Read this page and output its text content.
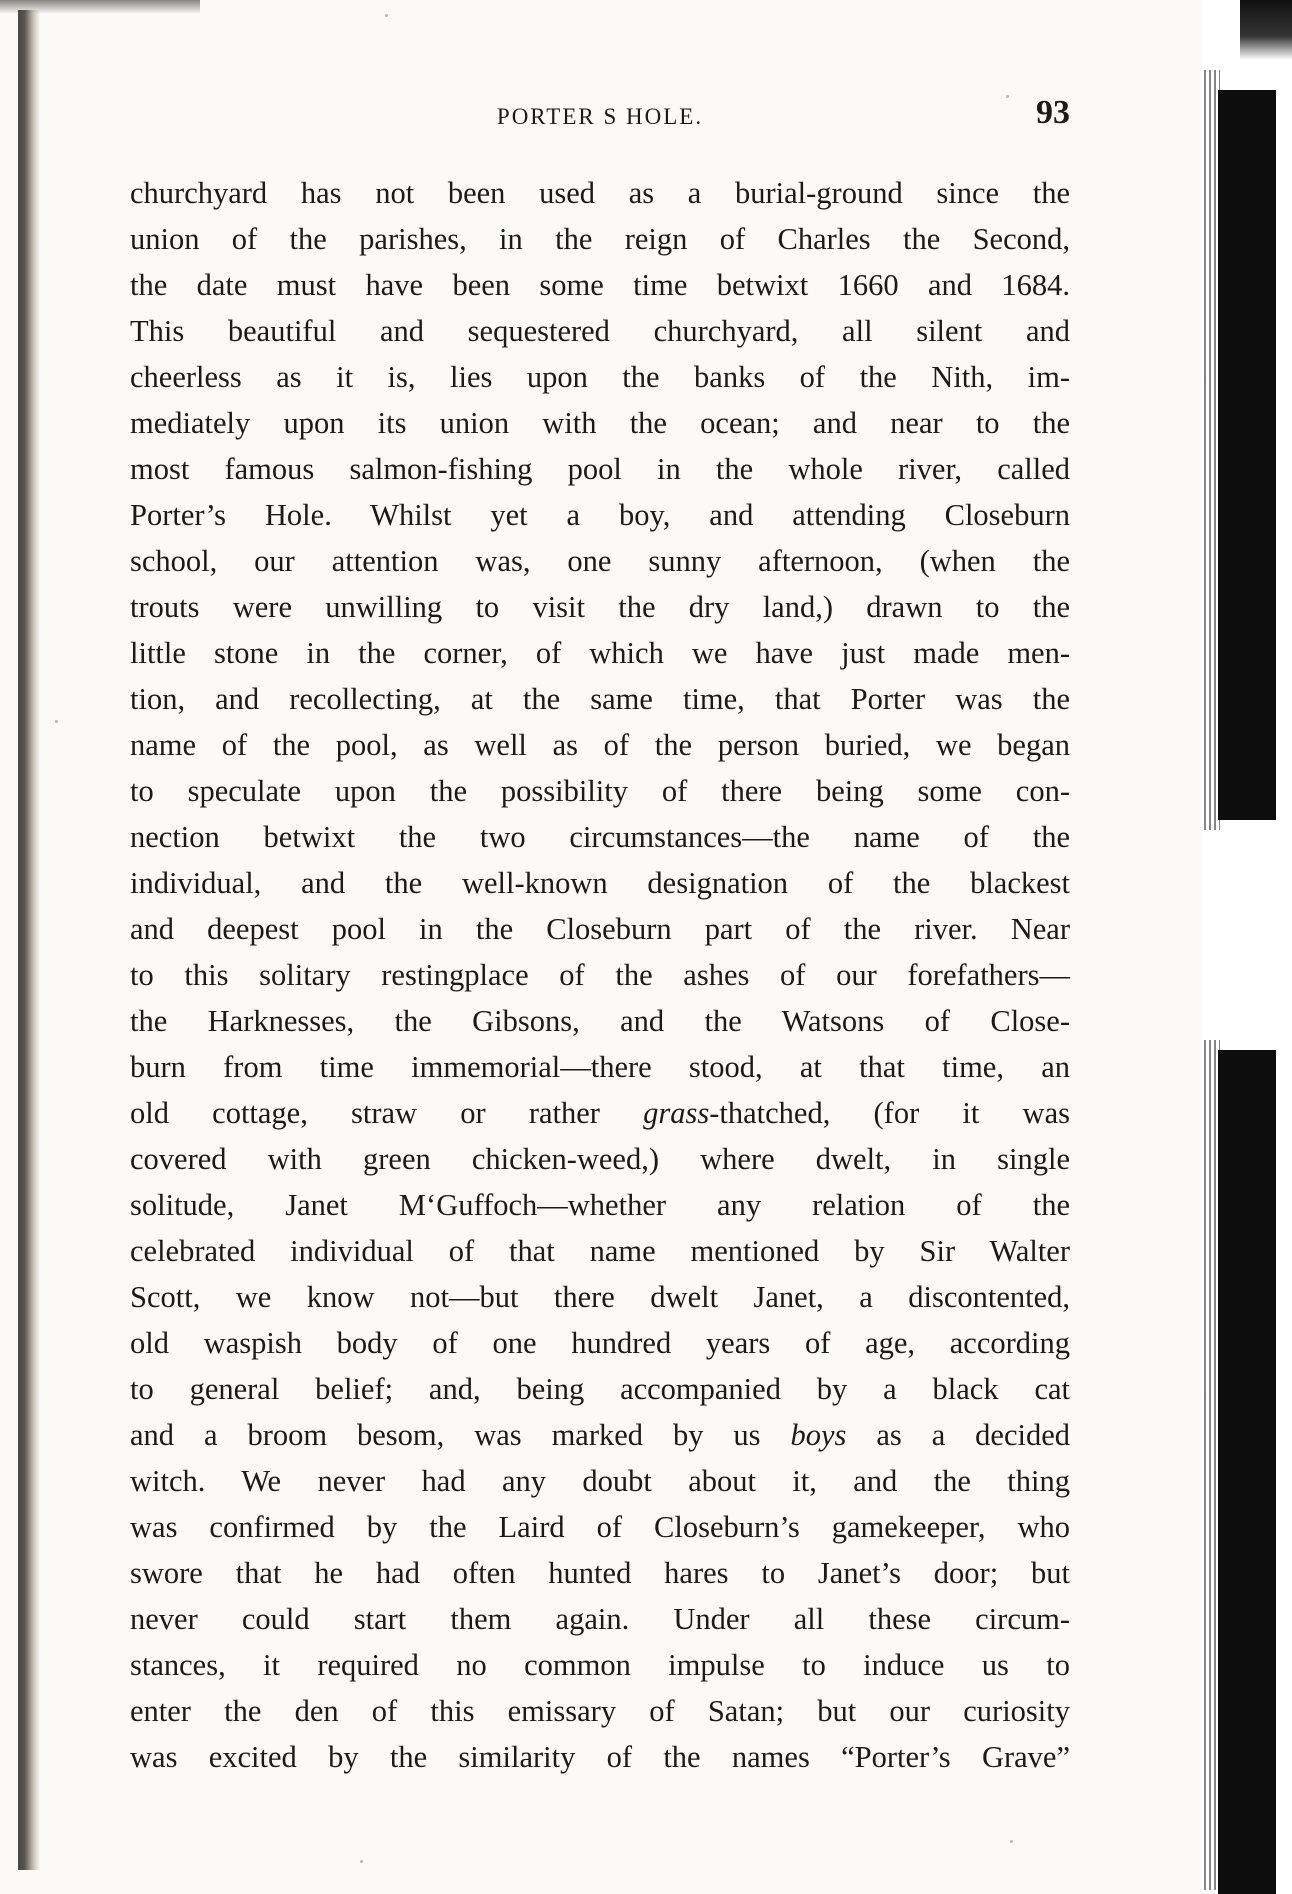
PORTER S HOLE.	93
churchyard has not been used as a burial-ground since the
union of the parishes, in the reign of Charles the Second,
the date must have been some time betwixt 1660 and 1684.
This beautiful and sequestered churchyard, all silent and
cheerless as it is, lies upon the banks of the Nith, im-
mediately upon its union with the ocean; and near to the
most famous salmon-fishing pool in the whole river, called
Porter’s Hole. Whilst yet a boy, and attending Closeburn
school, our attention was, one sunny afternoon, (when the
trouts were unwilling to visit the dry land,) drawn to the
little stone in the corner, of which we have just made men-
tion, and recollecting, at the same time, that Porter was the
name of the pool, as well as of the person buried, we began
to speculate upon the possibility of there being some con-
nection betwixt the two circumstances—the name of the
individual, and the well-known designation of the blackest
and deepest pool in the Closeburn part of the river. Near
to this solitary restingplace of the ashes of our forefathers—
the Harknesses, the Gibsons, and the Watsons of Close-
burn from time immemorial—there stood, at that time, an
old cottage, straw or rather grass-thatched, (for it was
covered with green chicken-weed,) where dwelt, in single
solitude, Janet M‘Guffoch—whether any relation of the
celebrated individual of that name mentioned by Sir Walter
Scott, we know not—but there dwelt Janet, a discontented,
old waspish body of one hundred years of age, according
to general belief; and, being accompanied by a black cat
and a broom besom, was marked by us boys as a decided
witch. We never had any doubt about it, and the thing
was confirmed by the Laird of Closeburn’s gamekeeper, who
swore that he had often hunted hares to Janet’s door; but
never could start them again. Under all these circum-
stances, it required no common impulse to induce us to
enter the den of this emissary of Satan; but our curiosity
was excited by the similarity of the names “Porter’s Grave”
